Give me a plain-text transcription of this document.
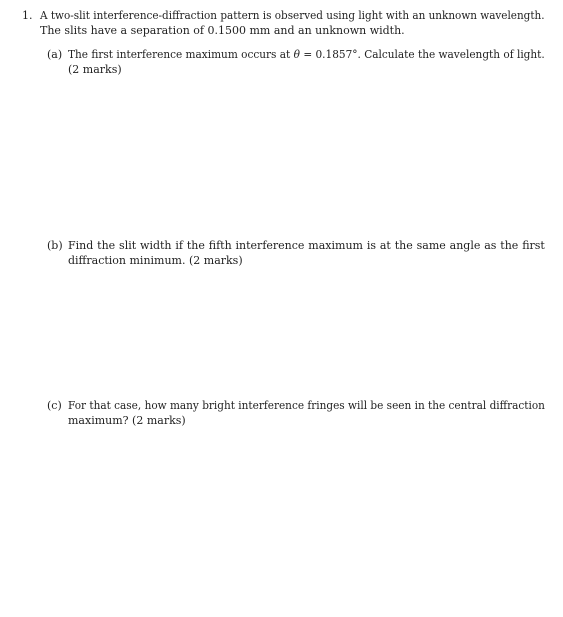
1. A two-slit interference-diffraction pattern is observed using light with an unknown wavelength.
The slits have a separation of 0.1500 mm and an unknown width.
(a) The first interference maximum occurs at θ = 0.1857°. Calculate the wavelength of light.
(2 marks)
(b) Find the slit width if the fifth interference maximum is at the same angle as the first
diffraction minimum. (2 marks)
(c) For that case, how many bright interference fringes will be seen in the central diffraction
maximum? (2 marks)
